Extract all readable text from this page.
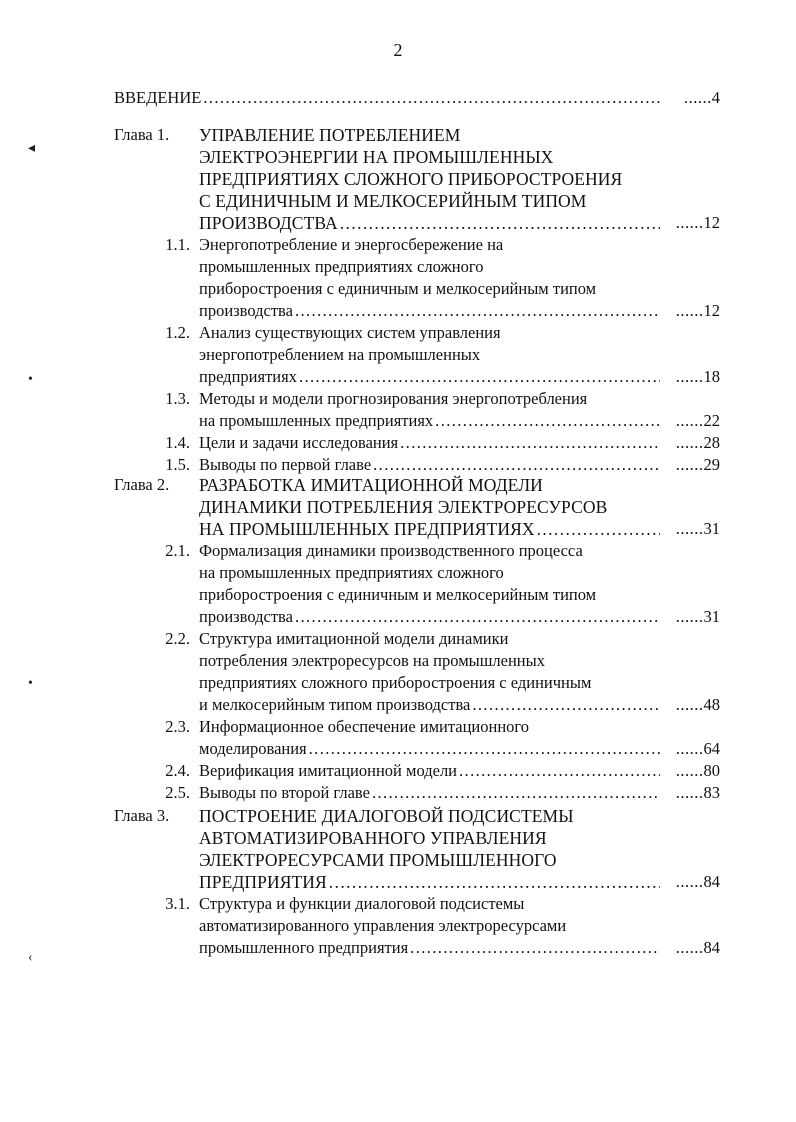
2
◂
•
•
‹
ВВЕДЕНИЕ .....	......4
Глава 1. УПРАВЛЕНИЕ ПОТРЕБЛЕНИЕМ
ЭЛЕКТРОЭНЕРГИИ НА ПРОМЫШЛЕННЫХ
ПРЕДПРИЯТИЯХ СЛОЖНОГО ПРИБОРОСТРОЕНИЯ
С ЕДИНИЧНЫМ И МЕЛКОСЕРИЙНЫМ ТИПОМ
ПРОИЗВОДСТВА .....	......12
1.1. Энергопотребление и энергосбережение на
промышленных предприятиях сложного
приборостроения с единичным и мелкосерийным типом
производства .....	......12
1.2. Анализ существующих систем управления
энергопотреблением на промышленных
предприятиях .....	......18
1.3. Методы и модели прогнозирования энергопотребления
на промышленных предприятиях .....	......22
1.4. Цели и задачи исследования .....	......28
1.5. Выводы по первой главе .....	......29
Глава 2. РАЗРАБОТКА ИМИТАЦИОННОЙ МОДЕЛИ
ДИНАМИКИ ПОТРЕБЛЕНИЯ ЭЛЕКТРОРЕСУРСОВ
НА ПРОМЫШЛЕННЫХ ПРЕДПРИЯТИЯХ .....	......31
2.1. Формализация динамики производственного процесса
на промышленных предприятиях сложного
приборостроения с единичным и мелкосерийным типом
производства .....	......31
2.2. Структура имитационной модели динамики
потребления электроресурсов на промышленных
предприятиях сложного приборостроения с единичным
и мелкосерийным типом производства .....	......48
2.3. Информационное обеспечение имитационного
моделирования .....	......64
2.4. Верификация имитационной модели .....	......80
2.5. Выводы по второй главе .....	......83
Глава 3. ПОСТРОЕНИЕ ДИАЛОГОВОЙ ПОДСИСТЕМЫ
АВТОМАТИЗИРОВАННОГО УПРАВЛЕНИЯ
ЭЛЕКТРОРЕСУРСАМИ ПРОМЫШЛЕННОГО
ПРЕДПРИЯТИЯ .....	......84
3.1. Структура и функции диалоговой подсистемы
автоматизированного управления электроресурсами
промышленного предприятия .....	......84
